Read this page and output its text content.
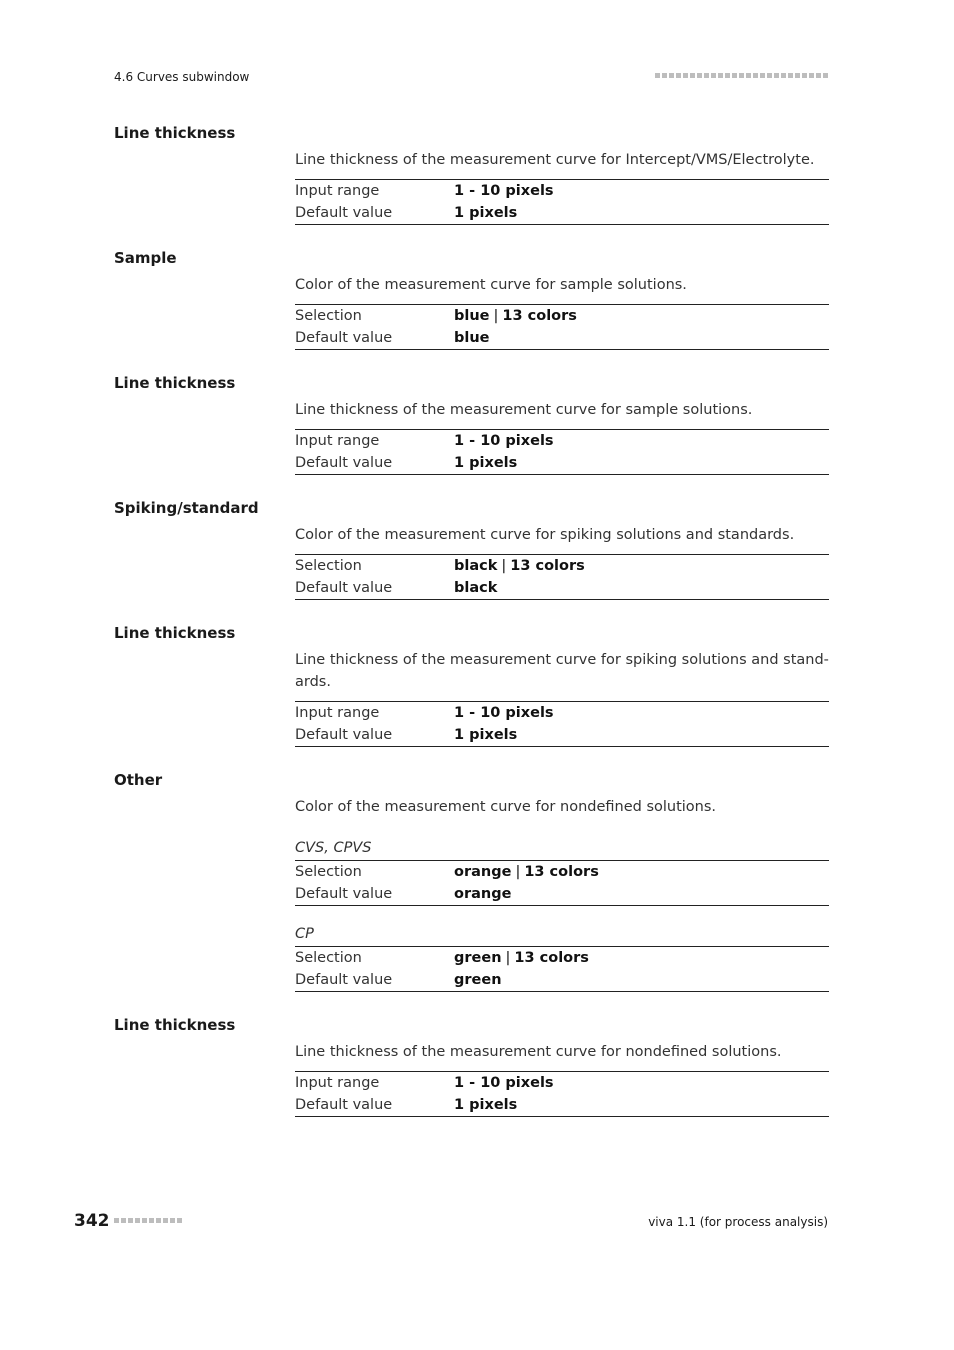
4.6 Curves subwindow
Line thickness
Line thickness of the measurement curve for Intercept/VMS/Electrolyte.
Input range	1 - 10 pixels
Default value	1 pixels
Sample
Color of the measurement curve for sample solutions.
Selection	blue | 13 colors
Default value	blue
Line thickness
Line thickness of the measurement curve for sample solutions.
Input range	1 - 10 pixels
Default value	1 pixels
Spiking/standard
Color of the measurement curve for spiking solutions and standards.
Selection	black | 13 colors
Default value	black
Line thickness
Line thickness of the measurement curve for spiking solutions and stand-
ards.
Input range	1 - 10 pixels
Default value	1 pixels
Other
Color of the measurement curve for nondefined solutions.
CVS, CPVS
Selection	orange | 13 colors
Default value	orange
CP
Selection	green | 13 colors
Default value	green
Line thickness
Line thickness of the measurement curve for nondefined solutions.
Input range	1 - 10 pixels
Default value	1 pixels
342	viva 1.1 (for process analysis)
